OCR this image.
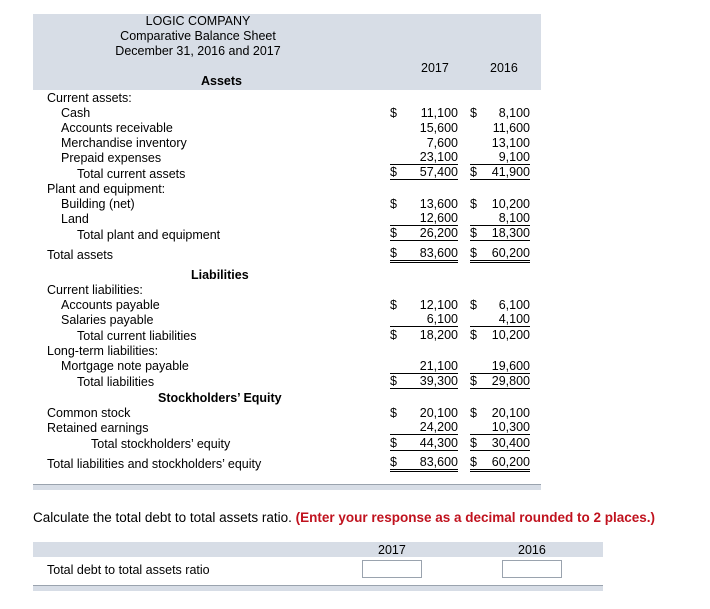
LOGIC COMPANY
Comparative Balance Sheet
December 31, 2016 and 2017
2017	2016
Assets
Current assets:
Cash	$ 11,100 $ 8,100
Accounts receivable	15,600	11,600
Merchandise inventory	7,600	13,100
Prepaid expenses	23,100	9,100
Total current assets	$ 57,400 $ 41,900
Plant and equipment:
Building (net)	$ 13,600 $ 10,200
Land	12,600	8,100
Total plant and equipment	$ 26,200 $ 18,300
Total assets	$ 83,600 $ 60,200
Liabilities
Current liabilities:
Accounts payable	$ 12,100 $ 6,100
Salaries payable	6,100	4,100
Total current liabilities	$ 18,200 $ 10,200
Long-term liabilities:
Mortgage note payable	21,100	19,600
Total liabilities	$ 39,300 $ 29,800
Stockholders’ Equity
Common stock	$ 20,100 $ 20,100
Retained earnings	24,200	10,300
Total stockholders’ equity	$ 44,300 $ 30,400
Total liabilities and stockholders’ equity	$ 83,600 $ 60,200
Calculate the total debt to total assets ratio. (Enter your response as a decimal rounded to 2 places.)
2017	2016
Total debt to total assets ratio
